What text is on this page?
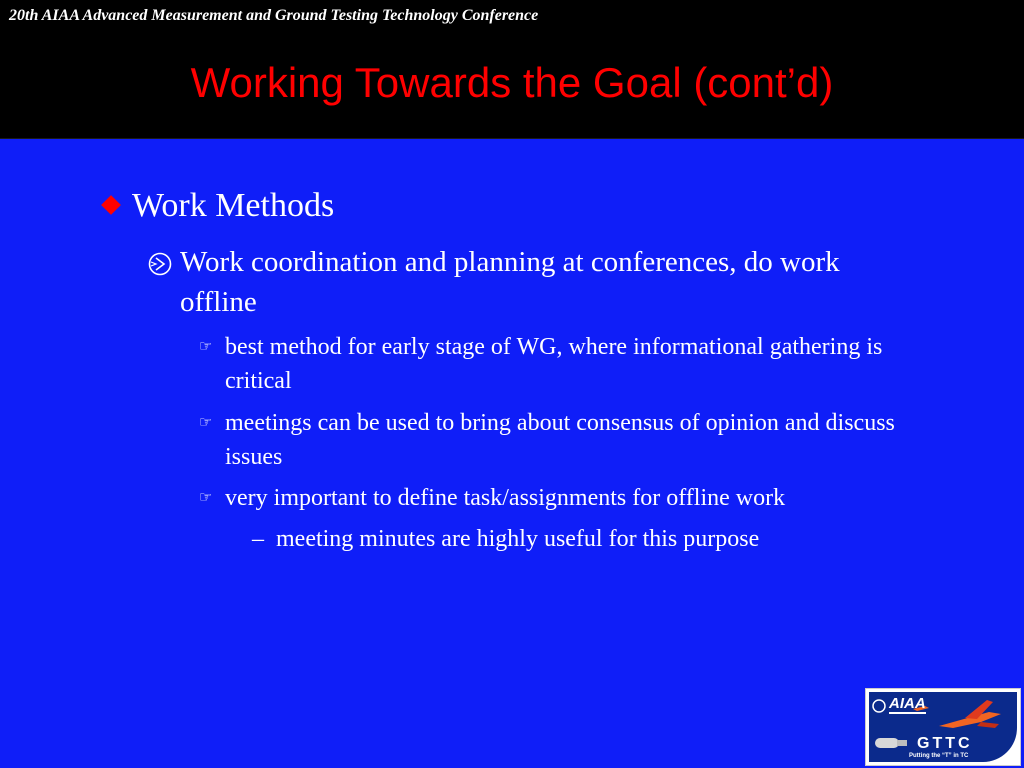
20th AIAA Advanced Measurement and Ground Testing Technology Conference
Working Towards the Goal (cont’d)
Work Methods
Work coordination and planning at conferences, do work offline
☞ best method for early stage of WG, where informational gathering is critical
☞ meetings can be used to bring about consensus of opinion and discuss issues
☞ very important to define task/assignments for offline work
– meeting minutes are highly useful for this purpose
AIAA
GTTC
Putting the “T” in TC
